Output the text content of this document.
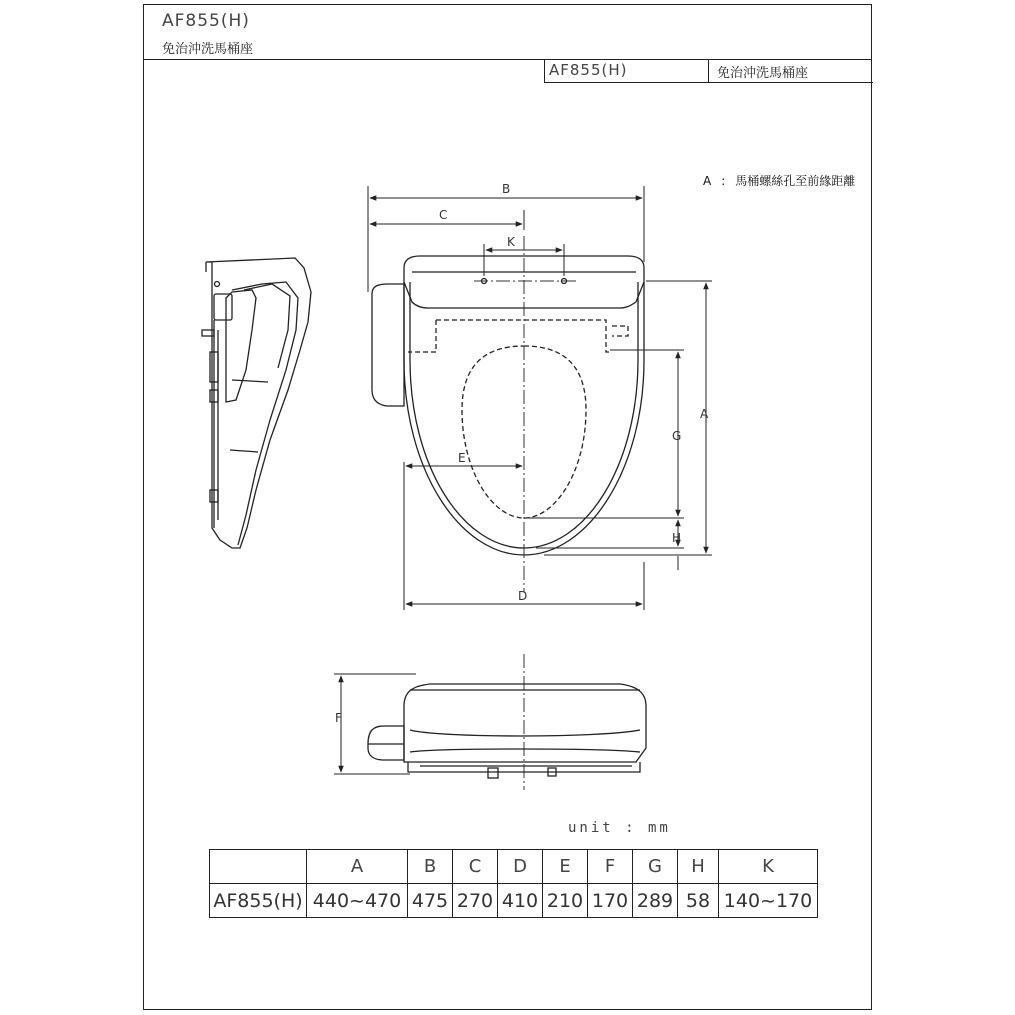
AF855(H)
免治沖洗馬桶座
AF855(H)	免治沖洗馬桶座
A : 馬桶螺絲孔至前緣距離
B
C
K
A
G
H
E
D
F
unit : mm
	A	B	C	D	E	F	G	H	K
AF855(H)	440~470	475	270	410	210	170	289	58	140~170
